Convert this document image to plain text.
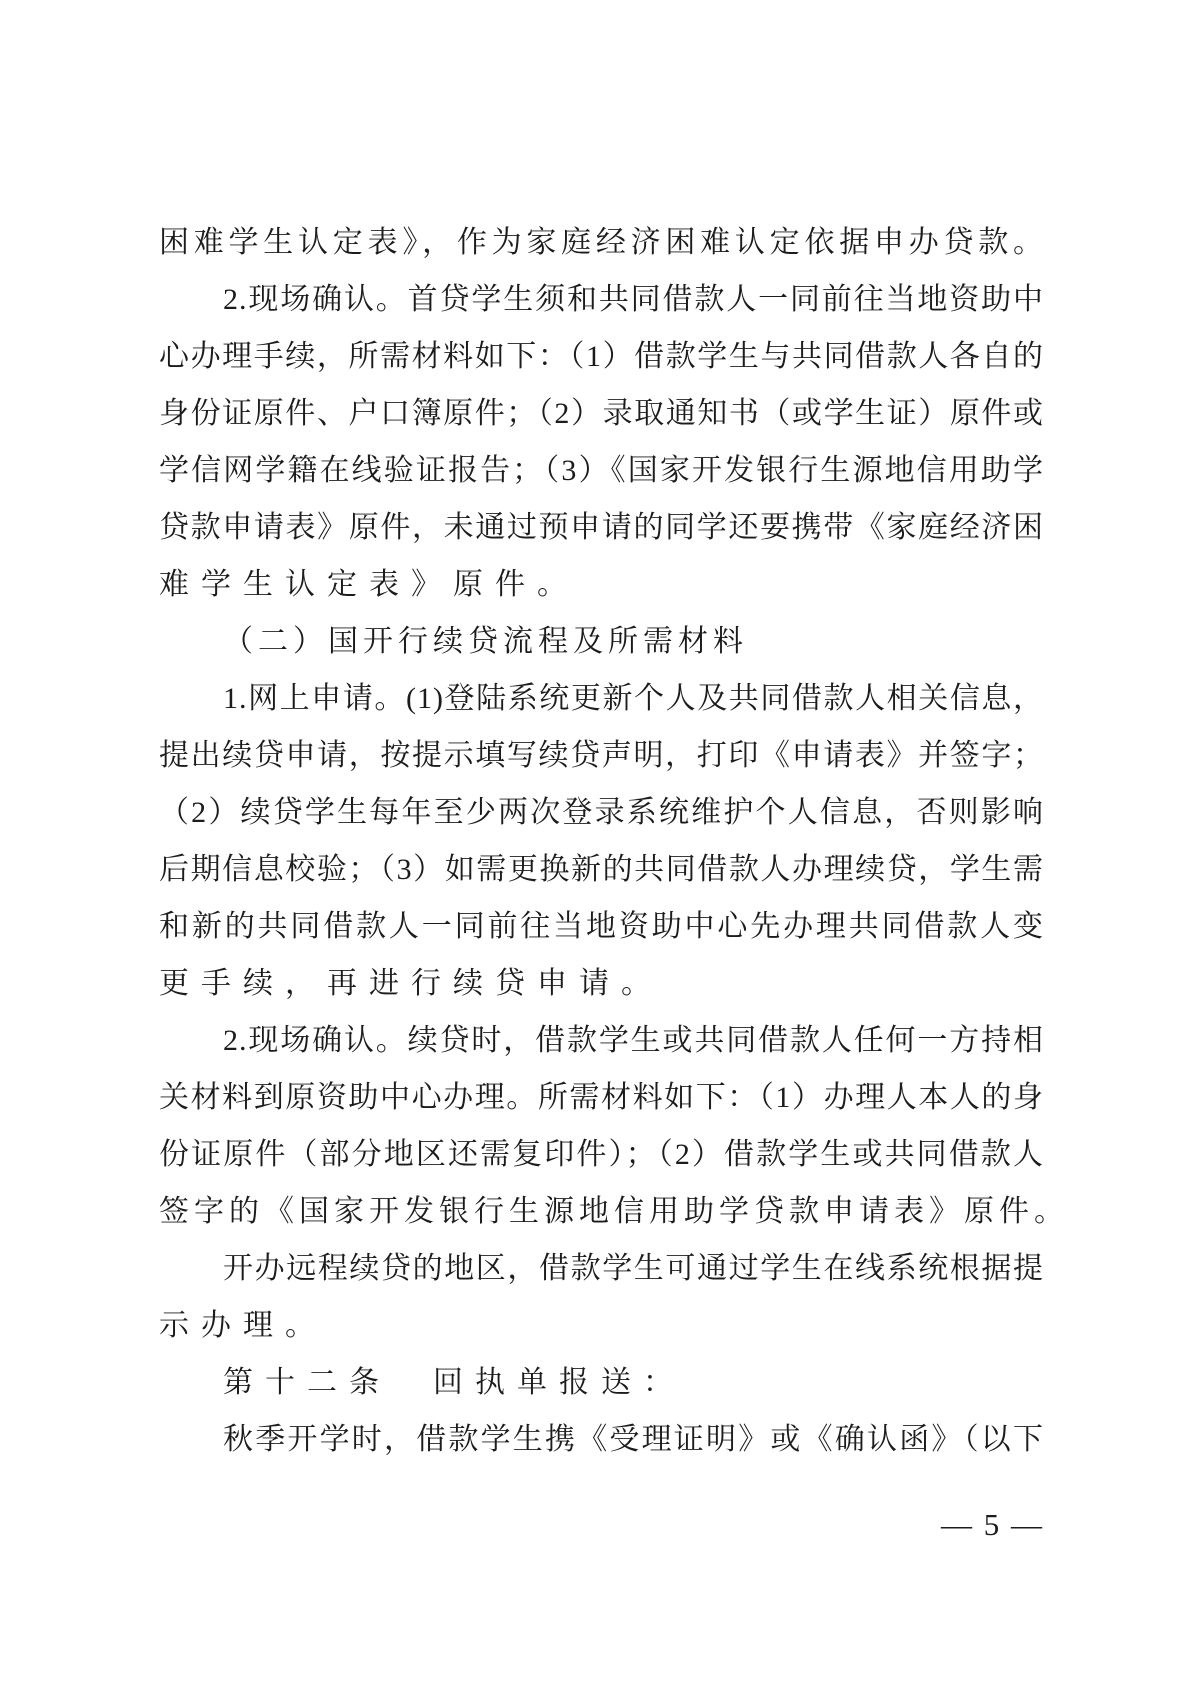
困难学生认定表》，作为家庭经济困难认定依据申办贷款。
2.现场确认。首贷学生须和共同借款人一同前往当地资助中
心办理手续，所需材料如下：（1）借款学生与共同借款人各自的
身份证原件、户口簿原件；（2）录取通知书（或学生证）原件或
学信网学籍在线验证报告；（3）《国家开发银行生源地信用助学
贷款申请表》原件，未通过预申请的同学还要携带《家庭经济困
难学生认定表》原件。
（二）国开行续贷流程及所需材料
1.网上申请。(1)登陆系统更新个人及共同借款人相关信息，
提出续贷申请，按提示填写续贷声明，打印《申请表》并签字；
（2）续贷学生每年至少两次登录系统维护个人信息，否则影响
后期信息校验；（3）如需更换新的共同借款人办理续贷，学生需
和新的共同借款人一同前往当地资助中心先办理共同借款人变
更手续，再进行续贷申请。
2.现场确认。续贷时，借款学生或共同借款人任何一方持相
关材料到原资助中心办理。所需材料如下：（1）办理人本人的身
份证原件（部分地区还需复印件）；（2）借款学生或共同借款人
签字的《国家开发银行生源地信用助学贷款申请表》原件。
开办远程续贷的地区，借款学生可通过学生在线系统根据提
示办理。
第十二条　回执单报送：
秋季开学时，借款学生携《受理证明》或《确认函》（以下
— 5 —
